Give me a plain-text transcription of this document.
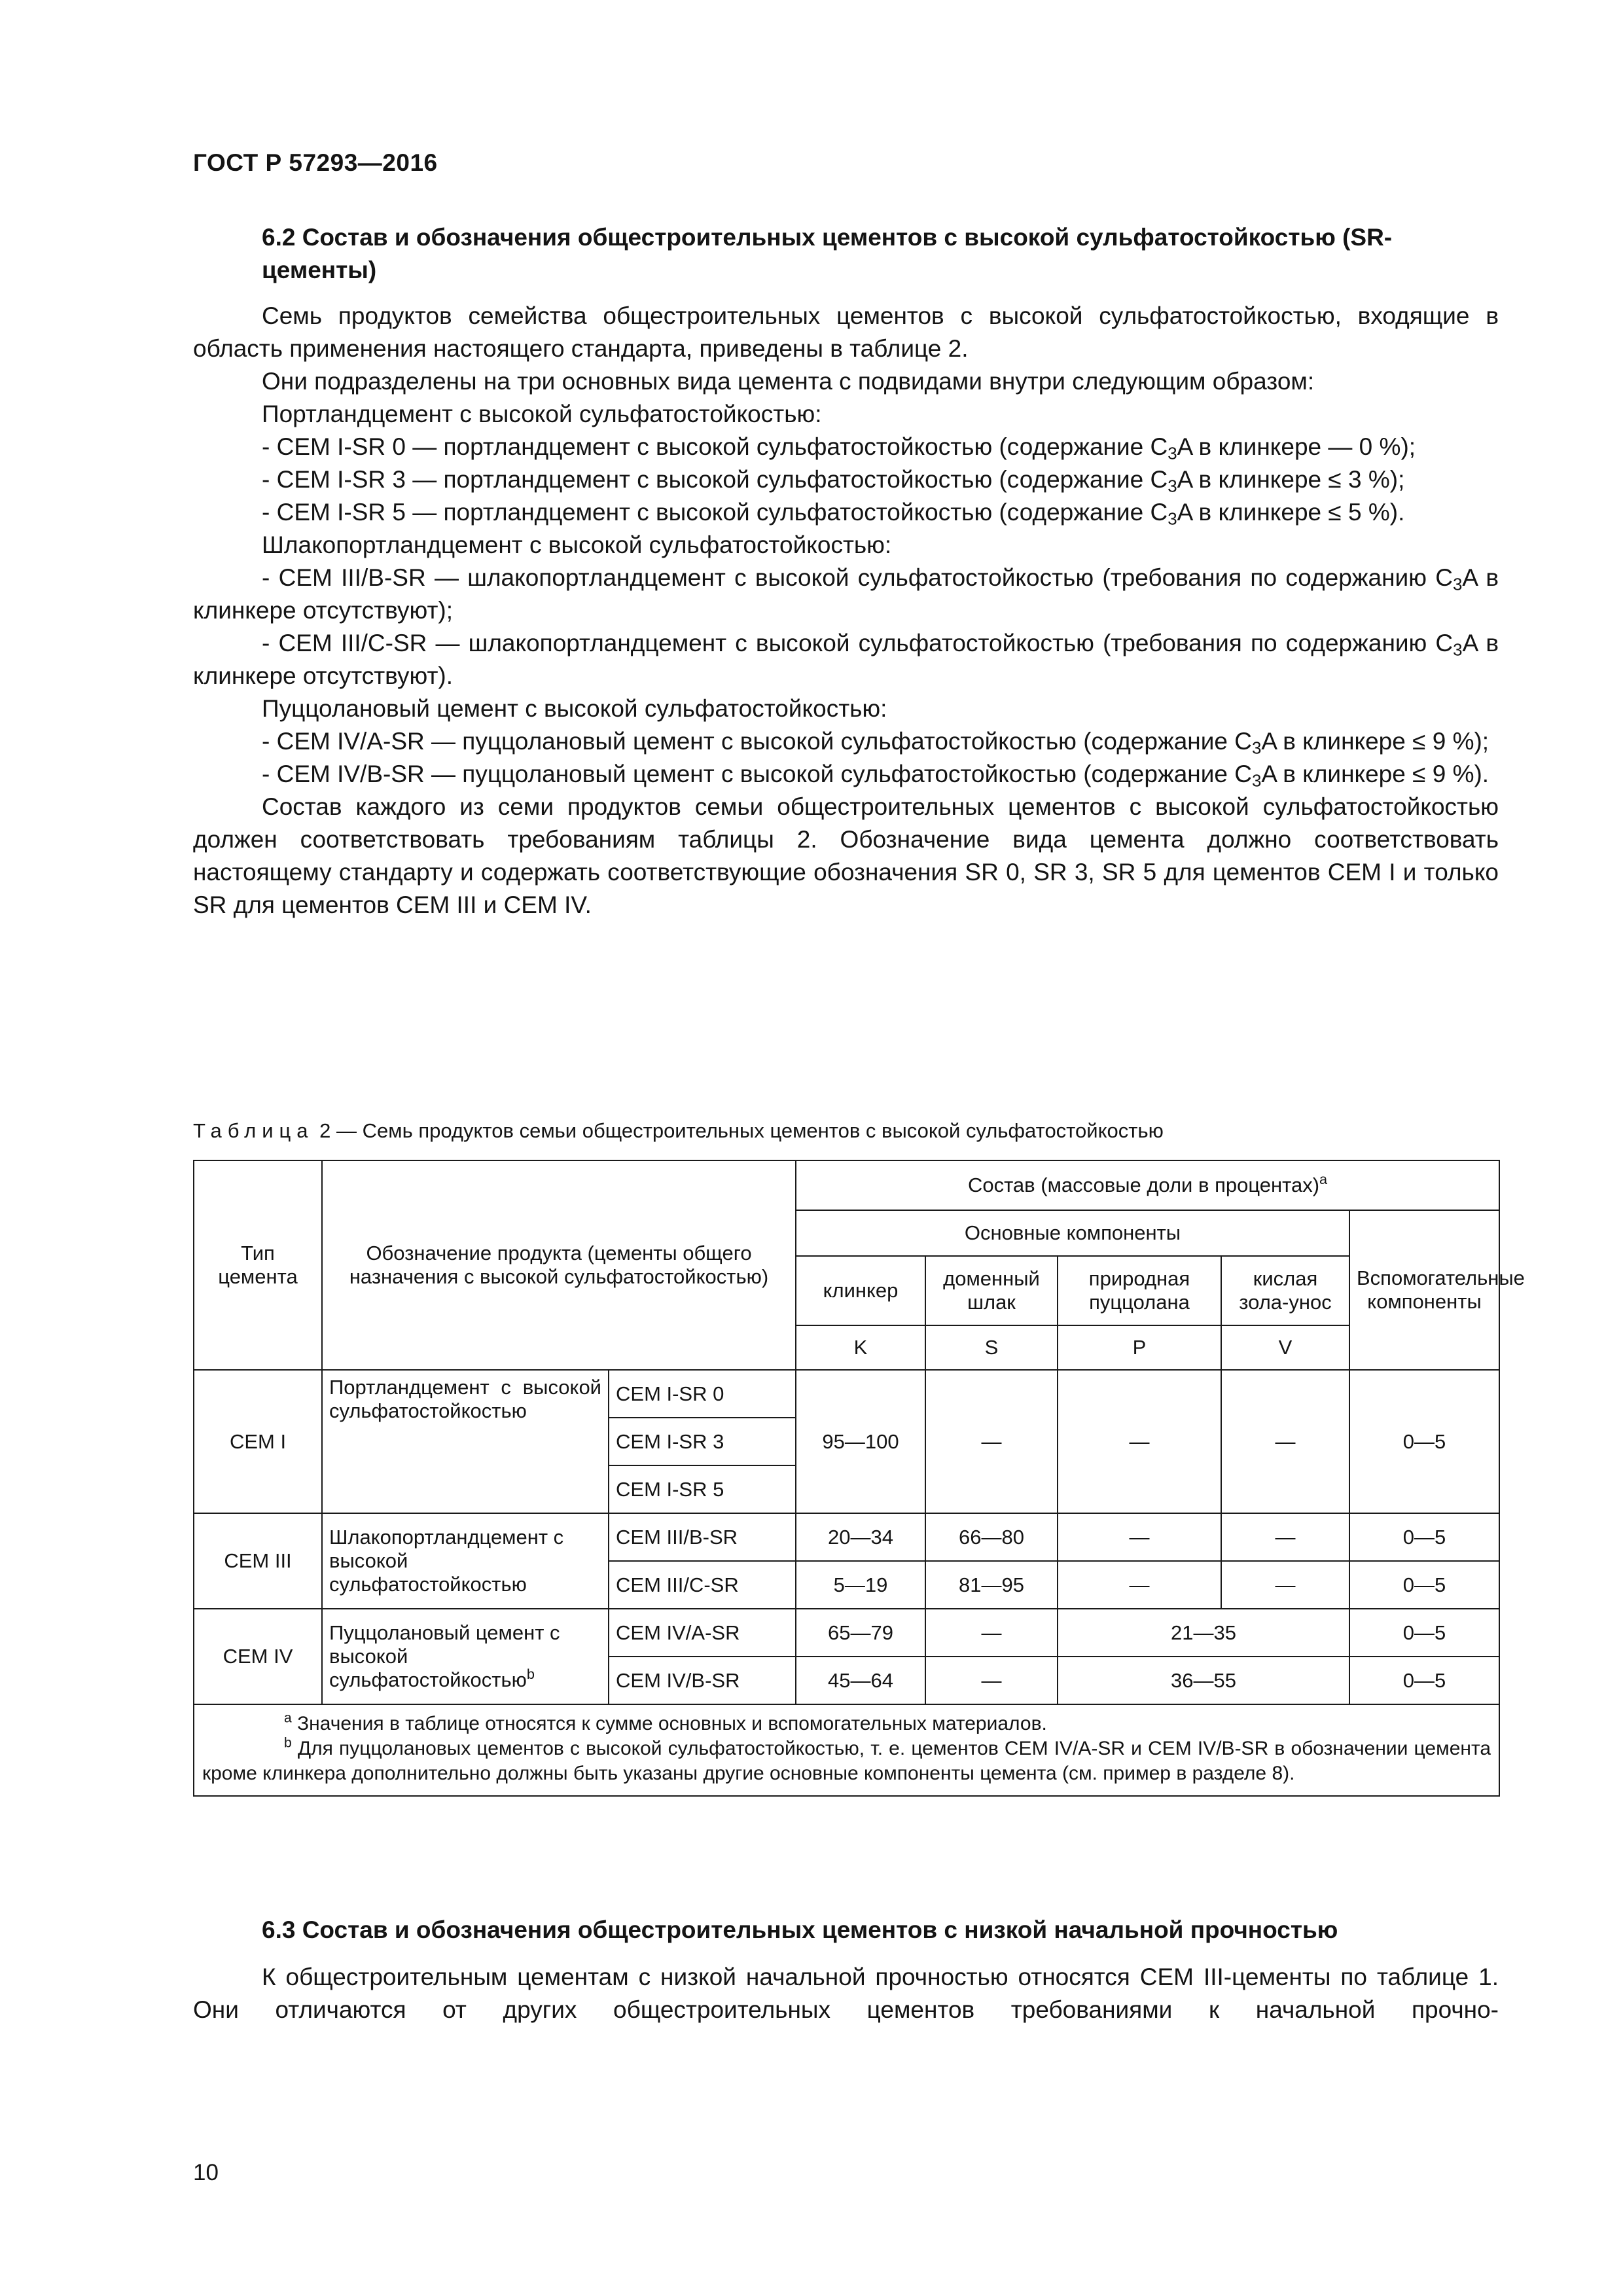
ГОСТ Р 57293—2016
6.2 Состав и обозначения общестроительных цементов с высокой сульфатостойкостью (SR-цементы)

Семь продуктов семейства общестроительных цементов с высокой сульфатостойкостью, входящие в область применения настоящего стандарта, приведены в таблице 2.

Они подразделены на три основных вида цемента с подвидами внутри следующим образом:

Портландцемент с высокой сульфатостойкостью:

- CEM I-SR 0 — портландцемент с высокой сульфатостойкостью (содержание $C_3A$ в клинкере — 0 %);

- CEM I-SR 3 — портландцемент с высокой сульфатостойкостью (содержание $C_3A$ в клинкере ≤ 3 %);

- CEM I-SR 5 — портландцемент с высокой сульфатостойкостью (содержание $C_3A$ в клинкере ≤ 5 %).

Шлакопортландцемент с высокой сульфатостойкостью:

- CEM III/B-SR — шлакопортландцемент с высокой сульфатостойкостью (требования по содержанию $C_3A$ в клинкере отсутствуют);

- CEM III/C-SR — шлакопортландцемент с высокой сульфатостойкостью (требования по содержанию $C_3A$ в клинкере отсутствуют).

Пуццолановый цемент с высокой сульфатостойкостью:

- CEM IV/A-SR — пуццолановый цемент с высокой сульфатостойкостью (содержание $C_3A$ в клинкере ≤ 9 %);

- CEM IV/B-SR — пуццолановый цемент с высокой сульфатостойкостью (содержание $C_3A$ в клинкере ≤ 9 %).

Состав каждого из семи продуктов семьи общестроительных цементов с высокой сульфатостойкостью должен соответствовать требованиям таблицы 2. Обозначение вида цемента должно соответствовать настоящему стандарту и содержать соответствующие обозначения SR 0, SR 3, SR 5 для цементов CEM I и только SR для цементов CEM III и CEM IV.

Таблица 2 — Семь продуктов семьи общестроительных цементов с высокой сульфатостойкостью
Тип цемента	Обозначение продукта (цементы общего назначения с высокой сульфатостойкостью)		Состав (массовые доли в процентах)$^a$
			Основные компоненты				Вспомогательные компоненты
			клинкер	доменный шлак	природная пуццолана	кислая зола-унос	
			K	S	P	V	
CEM I	Портландцемент с высокой сульфатостойкостью	CEM I-SR 0	95—100	—	—	—	0—5
		CEM I-SR 3					
		CEM I-SR 5					
CEM III	Шлакопортландцемент с высокой сульфатостойкостью	CEM III/B-SR	20—34	66—80	—	—	0—5
		CEM III/C-SR	5—19	81—95	—	—	0—5
CEM IV	Пуццолановый цемент с высокой сульфатостойкостью$^b$	CEM IV/A-SR	65—79	—	21—35		0—5
		CEM IV/B-SR	45—64	—	36—55		0—5

$^a$ Значения в таблице относятся к сумме основных и вспомогательных материалов.
$^b$ Для пуццолановых цементов с высокой сульфатостойкостью, т. е. цементов CEM IV/A-SR и CEM IV/B-SR в обозначении цемента кроме клинкера дополнительно должны быть указаны другие основные компоненты цемента (см. пример в разделе 8).							
6.3 Состав и обозначения общестроительных цементов с низкой начальной прочностью

К общестроительным цементам с низкой начальной прочностью относятся CEM III-цементы по таблице 1. Они отличаются от других общестроительных цементов требованиями к начальной прочно-

10
